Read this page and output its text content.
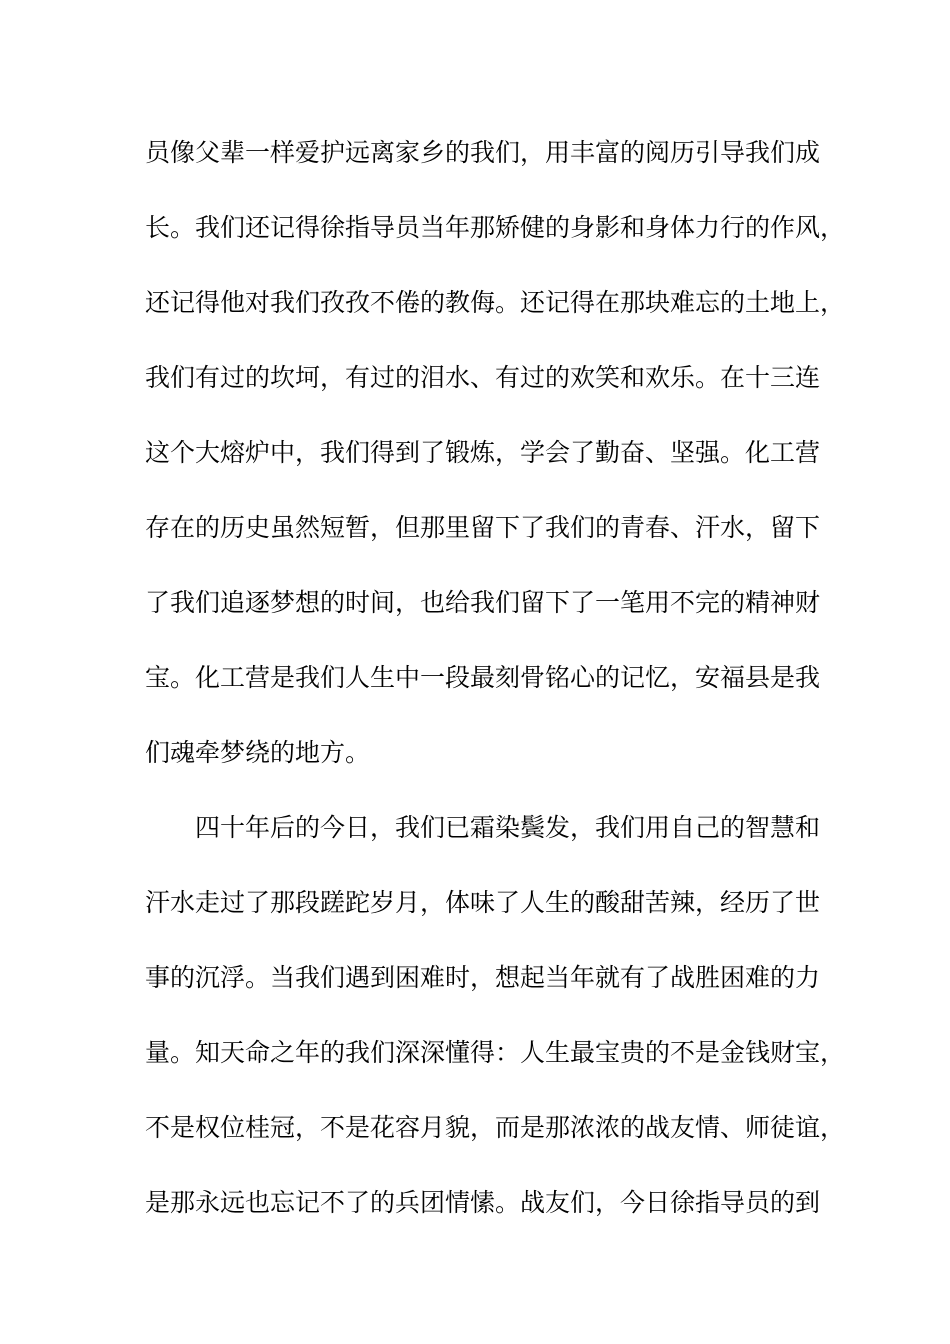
员像父辈一样爱护远离家乡的我们，用丰富的阅历引导我们成
长。我们还记得徐指导员当年那矫健的身影和身体力行的作风，
还记得他对我们孜孜不倦的教侮。还记得在那块难忘的土地上，
我们有过的坎坷，有过的泪水、有过的欢笑和欢乐。在十三连
这个大熔炉中，我们得到了锻炼，学会了勤奋、坚强。化工营
存在的历史虽然短暂，但那里留下了我们的青春、汗水，留下
了我们追逐梦想的时间，也给我们留下了一笔用不完的精神财
宝。化工营是我们人生中一段最刻骨铭心的记忆，安福县是我
们魂牵梦绕的地方。
四十年后的今日，我们已霜染鬓发，我们用自己的智慧和
汗水走过了那段蹉跎岁月，体味了人生的酸甜苦辣，经历了世
事的沉浮。当我们遇到困难时，想起当年就有了战胜困难的力
量。知天命之年的我们深深懂得：人生最宝贵的不是金钱财宝，
不是权位桂冠，不是花容月貌，而是那浓浓的战友情、师徒谊，
是那永远也忘记不了的兵团情愫。战友们，今日徐指导员的到
